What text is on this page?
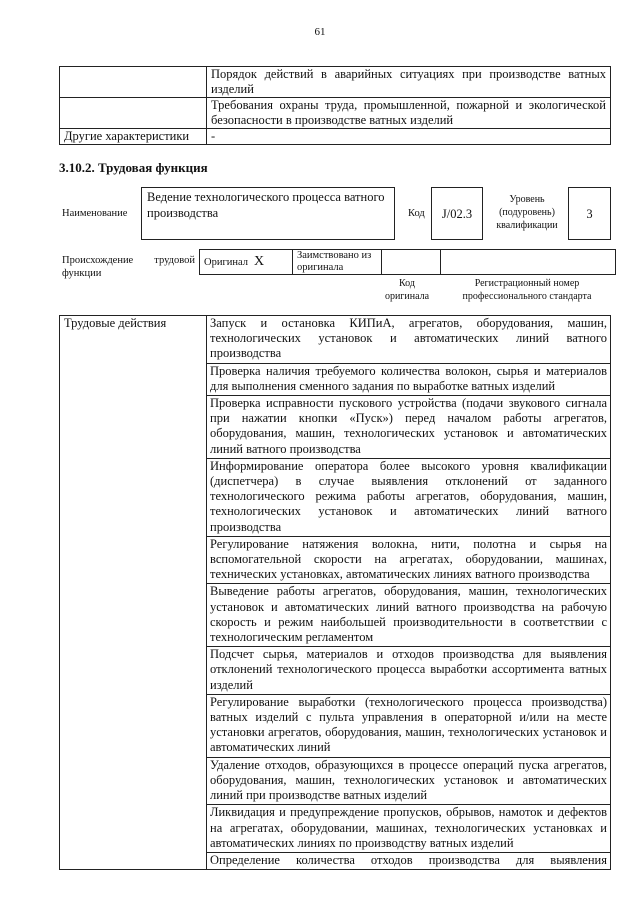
61
	Порядок действий в аварийных ситуациях при производстве ватных изделий
	Требования охраны труда, промышленной, пожарной и экологической безопасности в производстве ватных изделий
Другие характеристики	-
3.10.2. Трудовая функция
Наименование
Ведение технологического процесса ватного производства	Код	J/02.3
Уровень (подуровень) квалификации
3
Происхождение трудовой
функции
Оригинал X	Заимствовано из оригинала		
Код оригинала
Регистрационный номер профессионального стандарта
Трудовые действия	Запуск и остановка КИПиА, агрегатов, оборудования, машин, технологических установок и автоматических линий ватного производства
Проверка наличия требуемого количества волокон, сырья и материалов для выполнения сменного задания по выработке ватных изделий
Проверка исправности пускового устройства (подачи звукового сигнала при нажатии кнопки «Пуск») перед началом работы агрегатов, оборудования, машин, технологических установок и автоматических линий ватного производства
Информирование оператора более высокого уровня квалификации (диспетчера) в случае выявления отклонений от заданного технологического режима работы агрегатов, оборудования, машин, технологических установок и автоматических линий ватного производства
Регулирование натяжения волокна, нити, полотна и сырья на вспомогательной скорости на агрегатах, оборудовании, машинах, технических установках, автоматических линиях ватного производства
Выведение работы агрегатов, оборудования, машин, технологических установок и автоматических линий ватного производства на рабочую скорость и режим наибольшей производительности в соответствии с технологическим регламентом
Подсчет сырья, материалов и отходов производства для выявления отклонений технологического процесса выработки ассортимента ватных изделий
Регулирование выработки (технологического процесса производства) ватных изделий с пульта управления в операторной и/или на месте установки агрегатов, оборудования, машин, технологических установок и автоматических линий
Удаление отходов, образующихся в процессе операций пуска агрегатов, оборудования, машин, технологических установок и автоматических линий при производстве ватных изделий
Ликвидация и предупреждение пропусков, обрывов, намоток и дефектов на агрегатах, оборудовании, машинах, технологических установках и автоматических линиях по производству ватных изделий
Определение количества отходов производства для выявления
